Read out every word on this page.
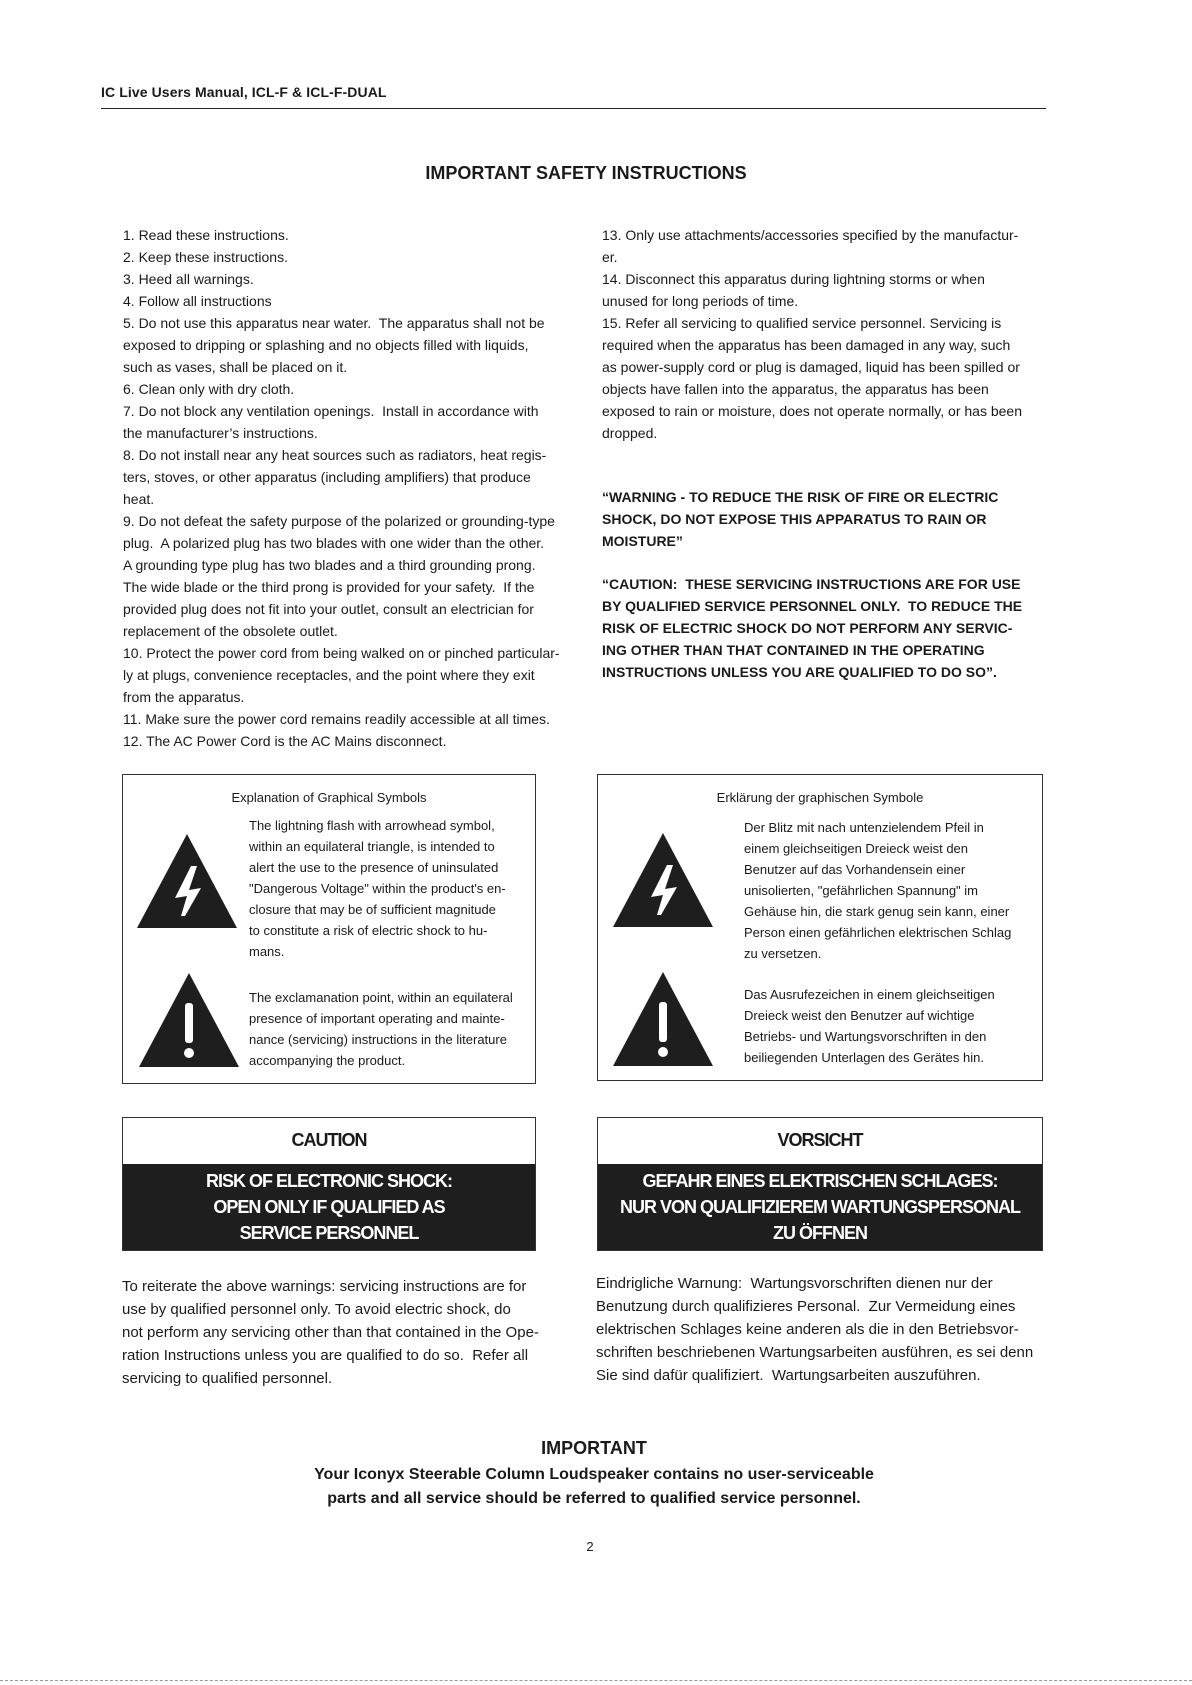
IC Live Users Manual, ICL-F & ICL-F-DUAL
IMPORTANT SAFETY INSTRUCTIONS
1. Read these instructions.
2. Keep these instructions.
3. Heed all warnings.
4. Follow all instructions
5. Do not use this apparatus near water.  The apparatus shall not be
exposed to dripping or splashing and no objects filled with liquids,
such as vases, shall be placed on it.
6. Clean only with dry cloth.
7. Do not block any ventilation openings.  Install in accordance with
the manufacturer’s instructions.
8. Do not install near any heat sources such as radiators, heat regis-
ters, stoves, or other apparatus (including amplifiers) that produce
heat.
9. Do not defeat the safety purpose of the polarized or grounding-type
plug.  A polarized plug has two blades with one wider than the other.
A grounding type plug has two blades and a third grounding prong.
The wide blade or the third prong is provided for your safety.  If the
provided plug does not fit into your outlet, consult an electrician for
replacement of the obsolete outlet.
10. Protect the power cord from being walked on or pinched particular-
ly at plugs, convenience receptacles, and the point where they exit
from the apparatus.
11. Make sure the power cord remains readily accessible at all times.
12. The AC Power Cord is the AC Mains disconnect.
13. Only use attachments/accessories specified by the manufactur-
er.
14. Disconnect this apparatus during lightning storms or when
unused for long periods of time.
15. Refer all servicing to qualified service personnel. Servicing is
required when the apparatus has been damaged in any way, such
as power-supply cord or plug is damaged, liquid has been spilled or
objects have fallen into the apparatus, the apparatus has been
exposed to rain or moisture, does not operate normally, or has been
dropped.
“WARNING - TO REDUCE THE RISK OF FIRE OR ELECTRIC
SHOCK, DO NOT EXPOSE THIS APPARATUS TO RAIN OR
MOISTURE”
“CAUTION:  THESE SERVICING INSTRUCTIONS ARE FOR USE
BY QUALIFIED SERVICE PERSONNEL ONLY.  TO REDUCE THE
RISK OF ELECTRIC SHOCK DO NOT PERFORM ANY SERVIC-
ING OTHER THAN THAT CONTAINED IN THE OPERATING
INSTRUCTIONS UNLESS YOU ARE QUALIFIED TO DO SO”.
Explanation of Graphical Symbols
The lightning flash with arrowhead symbol,
within an equilateral triangle, is intended to
alert the use to the presence of uninsulated
"Dangerous Voltage" within the product's en-
closure that may be of sufficient magnitude
to constitute a risk of electric shock to hu-
mans.
The exclamanation point, within an equilateral
presence of important operating and mainte-
nance (servicing) instructions in the literature
accompanying the product.
Erklärung der graphischen Symbole
Der Blitz mit nach untenzielendem Pfeil in
einem gleichseitigen Dreieck weist den
Benutzer auf das Vorhandensein einer
unisolierten, "gefährlichen Spannung" im
Gehäuse hin, die stark genug sein kann, einer
Person einen gefährlichen elektrischen Schlag
zu versetzen.
Das Ausrufezeichen in einem gleichseitigen
Dreieck weist den Benutzer auf wichtige
Betriebs- und Wartungsvorschriften in den
beiliegenden Unterlagen des Gerätes hin.
CAUTION
RISK OF ELECTRONIC SHOCK:
OPEN ONLY IF QUALIFIED AS
SERVICE PERSONNEL
VORSICHT
GEFAHR EINES ELEKTRISCHEN SCHLAGES:
NUR VON QUALIFIZIEREM WARTUNGSPERSONAL
ZU ÖFFNEN
To reiterate the above warnings: servicing instructions are for
use by qualified personnel only. To avoid electric shock, do
not perform any servicing other than that contained in the Ope-
ration Instructions unless you are qualified to do so.  Refer all
servicing to qualified personnel.
Eindrigliche Warnung:  Wartungsvorschriften dienen nur der
Benutzung durch qualifizieres Personal.  Zur Vermeidung eines
elektrischen Schlages keine anderen als die in den Betriebsvor-
schriften beschriebenen Wartungsarbeiten ausführen, es sei denn
Sie sind dafür qualifiziert.  Wartungsarbeiten auszuführen.
IMPORTANT
Your Iconyx Steerable Column Loudspeaker contains no user-serviceable
parts and all service should be referred to qualified service personnel.
2
